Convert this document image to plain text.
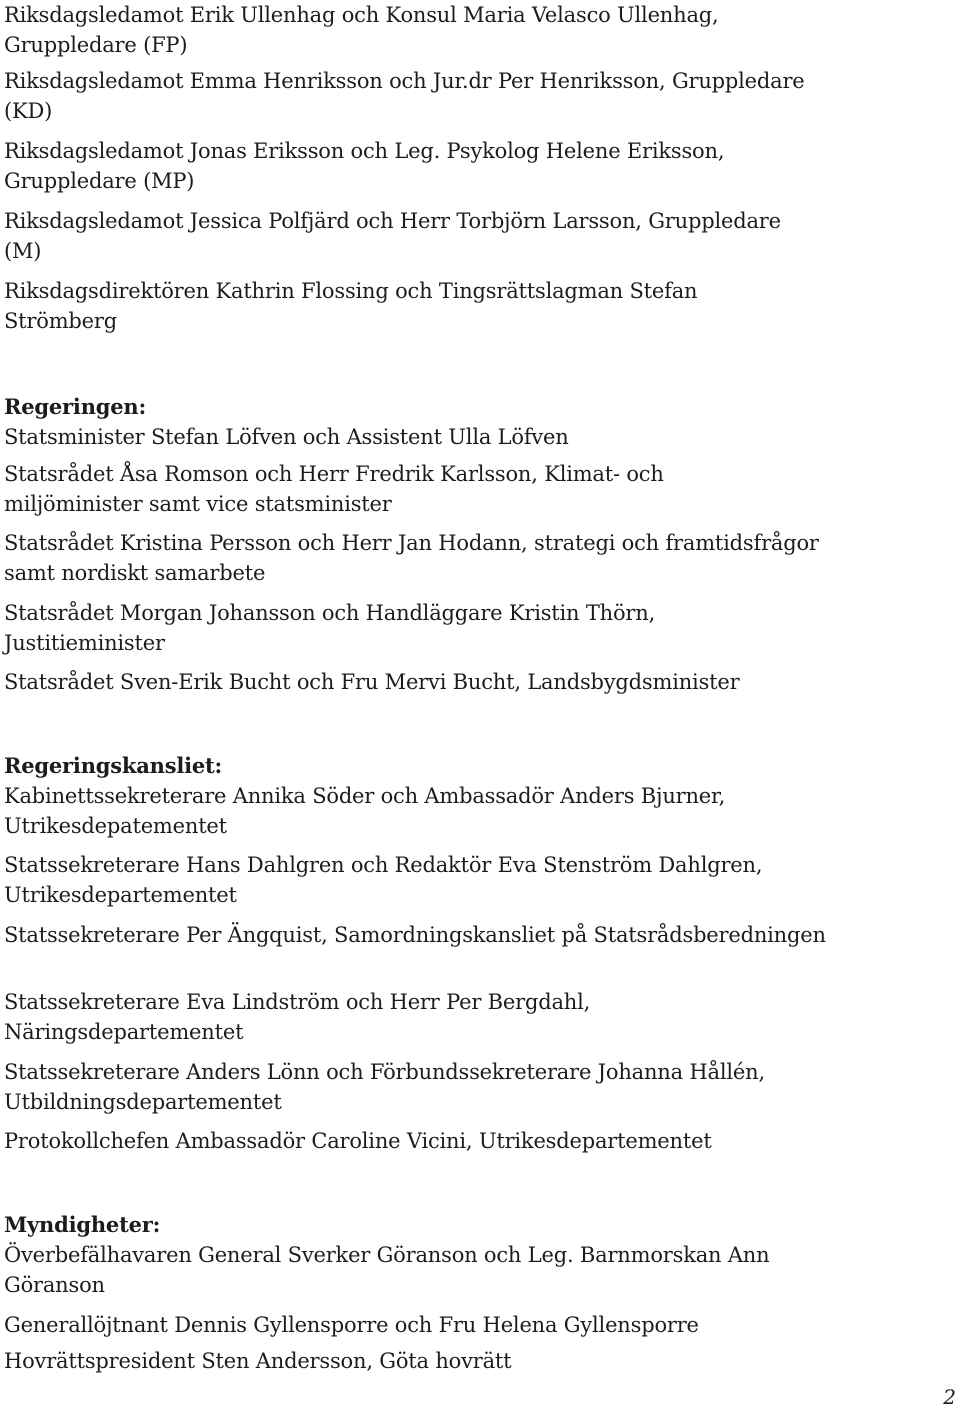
Riksdagsledamot Erik Ullenhag och Konsul Maria Velasco Ullenhag,
Gruppledare (FP)
Riksdagsledamot Emma Henriksson och Jur.dr Per Henriksson, Gruppledare
(KD)
Riksdagsledamot Jonas Eriksson och Leg. Psykolog Helene Eriksson,
Gruppledare (MP)
Riksdagsledamot Jessica Polfjärd och Herr Torbjörn Larsson, Gruppledare
(M)
Riksdagsdirektören Kathrin Flossing och Tingsrättslagman Stefan
Strömberg
Regeringen:
Statsminister Stefan Löfven och Assistent Ulla Löfven
Statsrådet Åsa Romson och Herr Fredrik Karlsson, Klimat- och
miljöminister samt vice statsminister
Statsrådet Kristina Persson och Herr Jan Hodann, strategi och framtidsfrågor
samt nordiskt samarbete
Statsrådet Morgan Johansson och Handläggare Kristin Thörn,
Justitieminister
Statsrådet Sven-Erik Bucht och Fru Mervi Bucht, Landsbygdsminister
Regeringskansliet:
Kabinettssekreterare Annika Söder och Ambassadör Anders Bjurner,
Utrikesdepatementet
Statssekreterare Hans Dahlgren och Redaktör Eva Stenström Dahlgren,
Utrikesdepartementet
Statssekreterare Per Ängquist, Samordningskansliet på Statsrådsberedningen
Statssekreterare Eva Lindström och Herr Per Bergdahl,
Näringsdepartementet
Statssekreterare Anders Lönn och Förbundssekreterare Johanna Hållén,
Utbildningsdepartementet
Protokollchefen Ambassadör Caroline Vicini, Utrikesdepartementet
Myndigheter:
Överbefälhavaren General Sverker Göranson och Leg. Barnmorskan Ann
Göranson
Generallöjtnant Dennis Gyllensporre och Fru Helena Gyllensporre
Hovrättspresident Sten Andersson, Göta hovrätt
2
